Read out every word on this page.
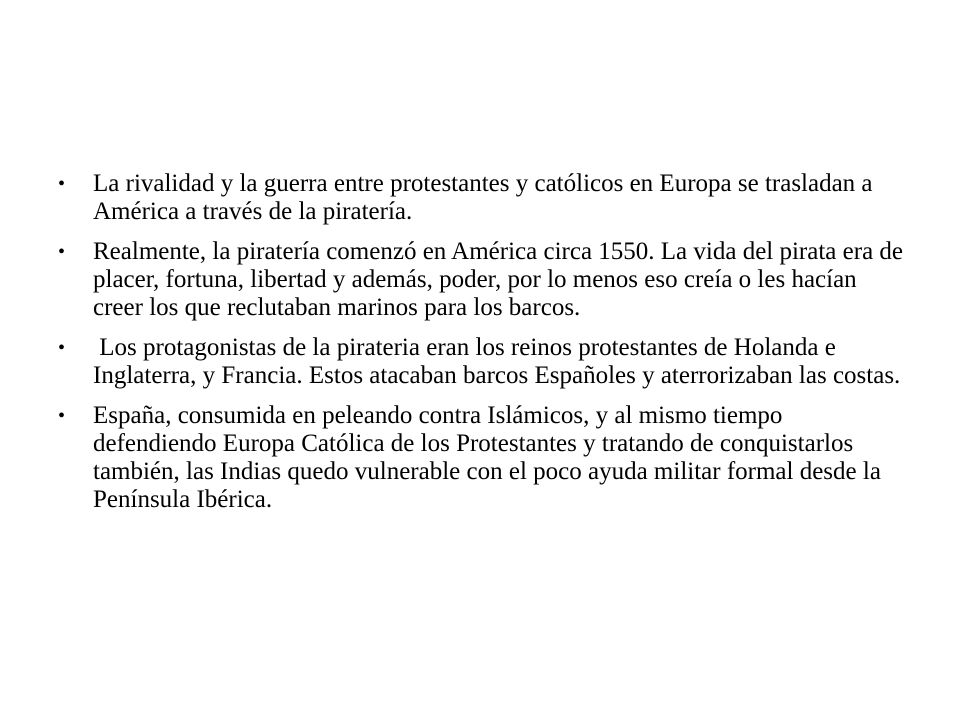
•	La rivalidad y la guerra entre protestantes y católicos en Europa se trasladan a América a través de la piratería.
•	Realmente, la piratería comenzó en América circa 1550. La vida del pirata era de placer, fortuna, libertad y además, poder, por lo menos eso creía o les hacían creer los que reclutaban marinos para los barcos.
•	Los protagonistas de la pirateria eran los reinos protestantes de Holanda e  Inglaterra, y Francia. Estos atacaban barcos Españoles y aterrorizaban las costas.
•	España, consumida en peleando contra Islámicos, y al mismo tiempo defendiendo Europa Católica de los Protestantes y tratando de conquistarlos también, las Indias quedo vulnerable con el poco ayuda militar formal desde la Península Ibérica.
